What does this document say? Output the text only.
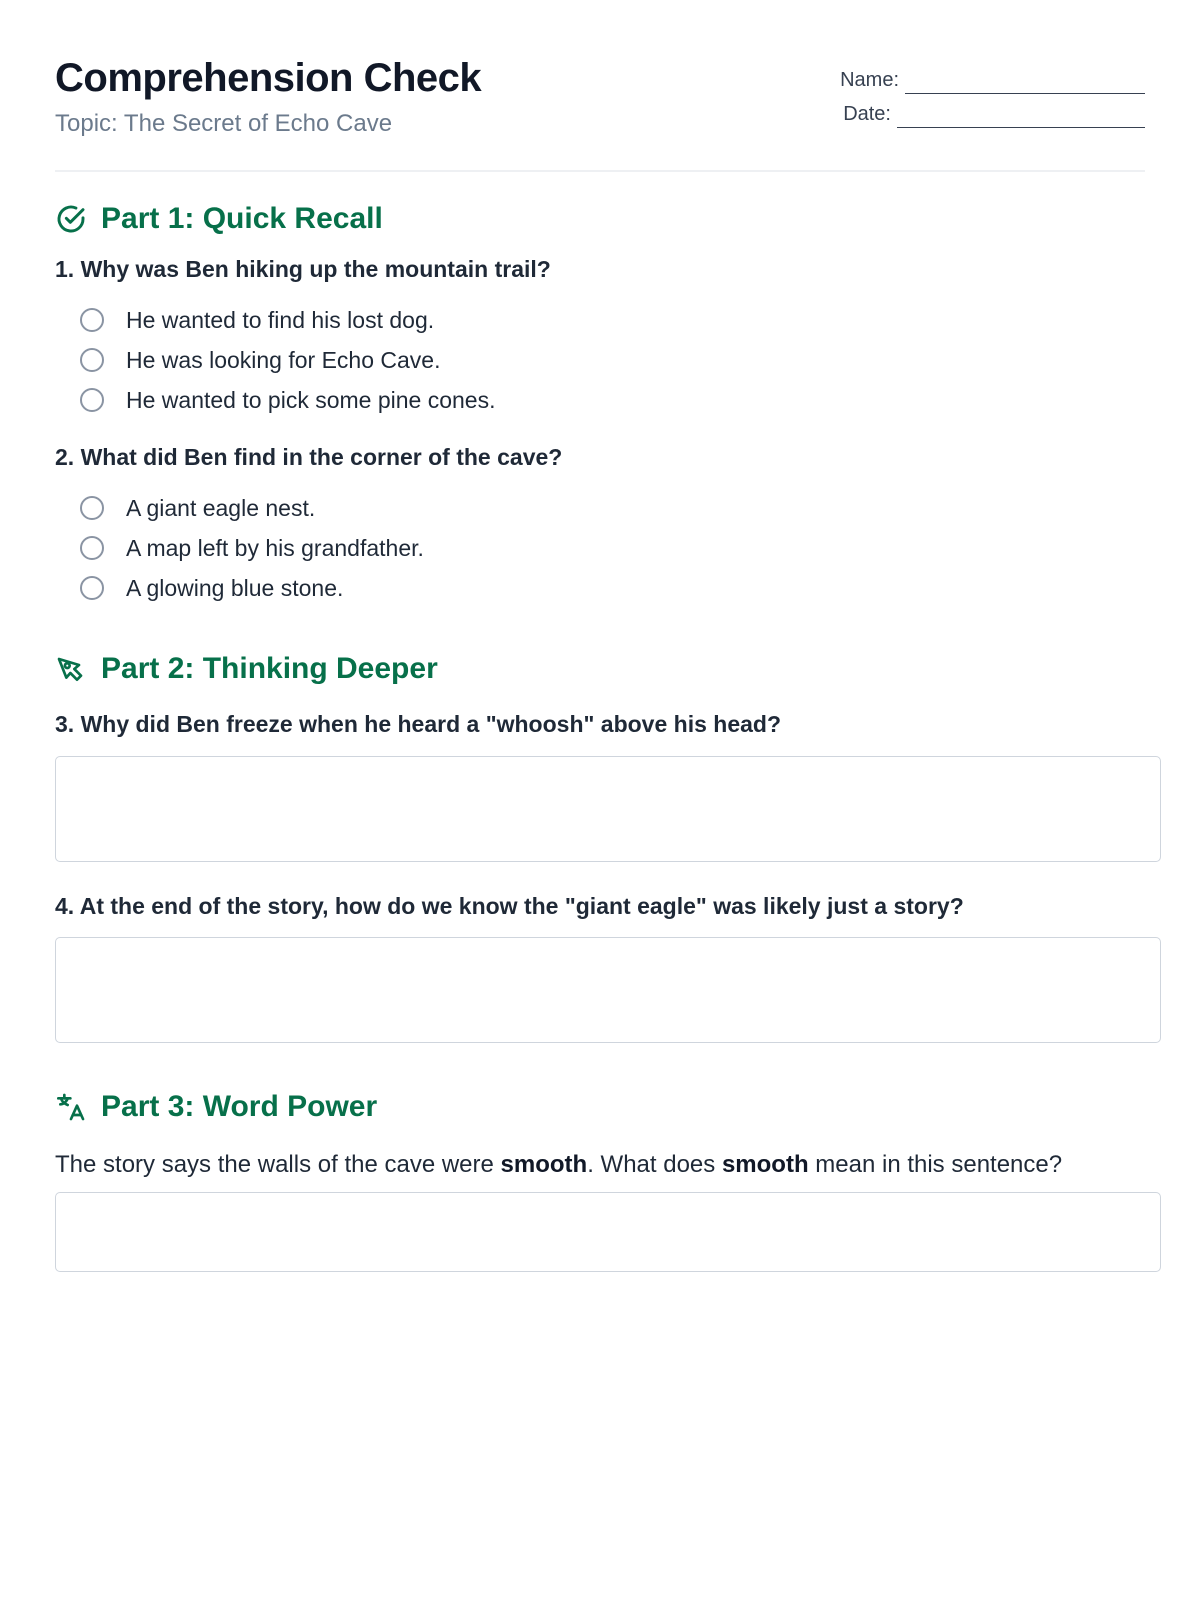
Comprehension Check
Topic: The Secret of Echo Cave
Name:
Date:
Part 1: Quick Recall

1. Why was Ben hiking up the mountain trail?

He wanted to find his lost dog.
He was looking for Echo Cave.
He wanted to pick some pine cones.

2. What did Ben find in the corner of the cave?

A giant eagle nest.
A map left by his grandfather.
A glowing blue stone.
Part 2: Thinking Deeper

3. Why did Ben freeze when he heard a "whoosh" above his head?

4. At the end of the story, how do we know the "giant eagle" was likely just a story?

Part 3: Word Power

The story says the walls of the cave were smooth. What does smooth mean in this sentence?
